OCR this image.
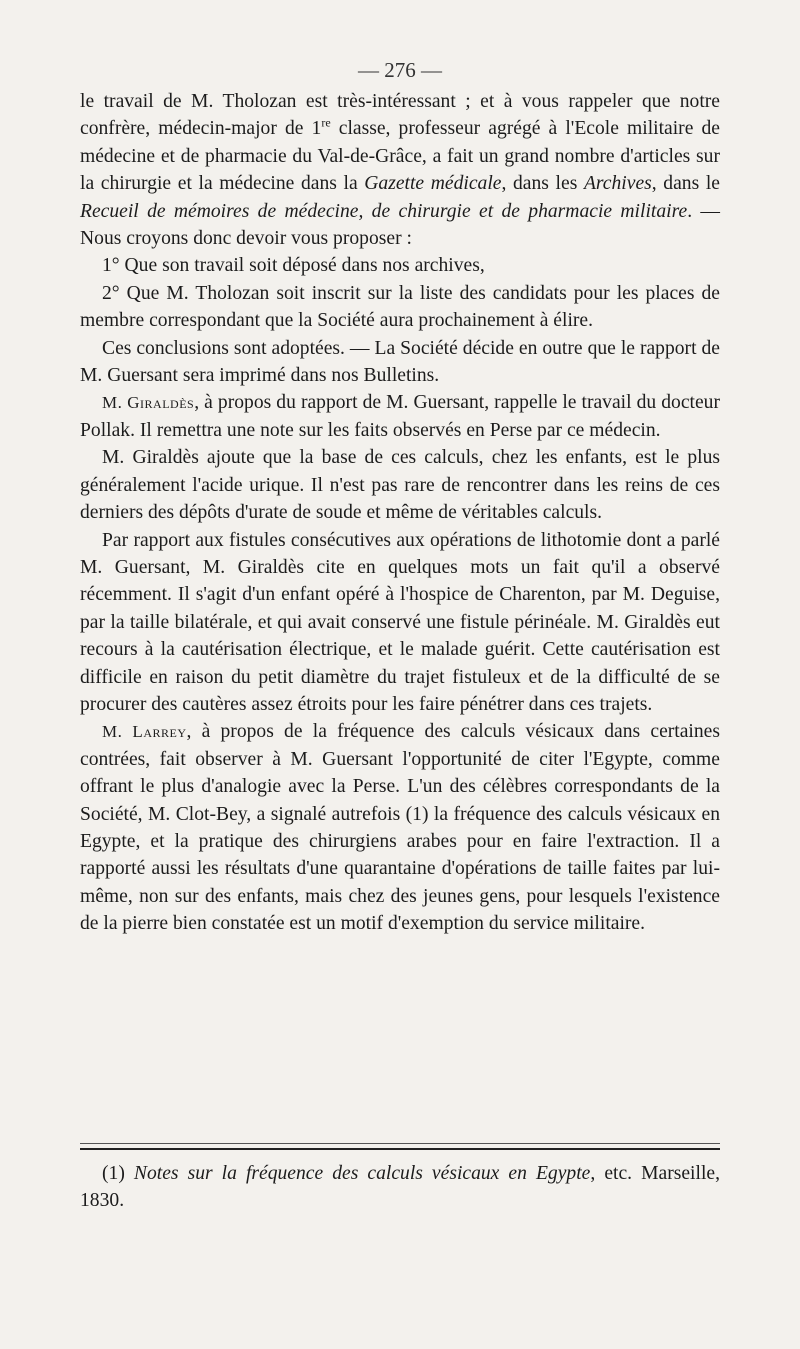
— 276 —

le travail de M. Tholozan est très-intéressant ; et à vous rappeler que notre confrère, médecin-major de 1re classe, professeur agrégé à l'Ecole militaire de médecine et de pharmacie du Val-de-Grâce, a fait un grand nombre d'articles sur la chirurgie et la médecine dans la Gazette médicale, dans les Archives, dans le Recueil de mémoires de médecine, de chirurgie et de pharmacie militaire. — Nous croyons donc devoir vous proposer :

1° Que son travail soit déposé dans nos archives,

2° Que M. Tholozan soit inscrit sur la liste des candidats pour les places de membre correspondant que la Société aura prochainement à élire.

Ces conclusions sont adoptées. — La Société décide en outre que le rapport de M. Guersant sera imprimé dans nos Bulletins.

M. Giraldès, à propos du rapport de M. Guersant, rappelle le travail du docteur Pollak. Il remettra une note sur les faits observés en Perse par ce médecin.

M. Giraldès ajoute que la base de ces calculs, chez les enfants, est le plus généralement l'acide urique. Il n'est pas rare de rencontrer dans les reins de ces derniers des dépôts d'urate de soude et même de véritables calculs.

Par rapport aux fistules consécutives aux opérations de lithotomie dont a parlé M. Guersant, M. Giraldès cite en quelques mots un fait qu'il a observé récemment. Il s'agit d'un enfant opéré à l'hospice de Charenton, par M. Deguise, par la taille bilatérale, et qui avait conservé une fistule périnéale. M. Giraldès eut recours à la cautérisation électrique, et le malade guérit. Cette cautérisation est difficile en raison du petit diamètre du trajet fistuleux et de la difficulté de se procurer des cautères assez étroits pour les faire pénétrer dans ces trajets.

M. Larrey, à propos de la fréquence des calculs vésicaux dans certaines contrées, fait observer à M. Guersant l'opportunité de citer l'Egypte, comme offrant le plus d'analogie avec la Perse. L'un des célèbres correspondants de la Société, M. Clot-Bey, a signalé autrefois (1) la fréquence des calculs vésicaux en Egypte, et la pratique des chirurgiens arabes pour en faire l'extraction. Il a rapporté aussi les résultats d'une quarantaine d'opérations de taille faites par lui-même, non sur des enfants, mais chez des jeunes gens, pour lesquels l'existence de la pierre bien constatée est un motif d'exemption du service militaire.

(1) Notes sur la fréquence des calculs vésicaux en Egypte, etc. Marseille, 1830.
